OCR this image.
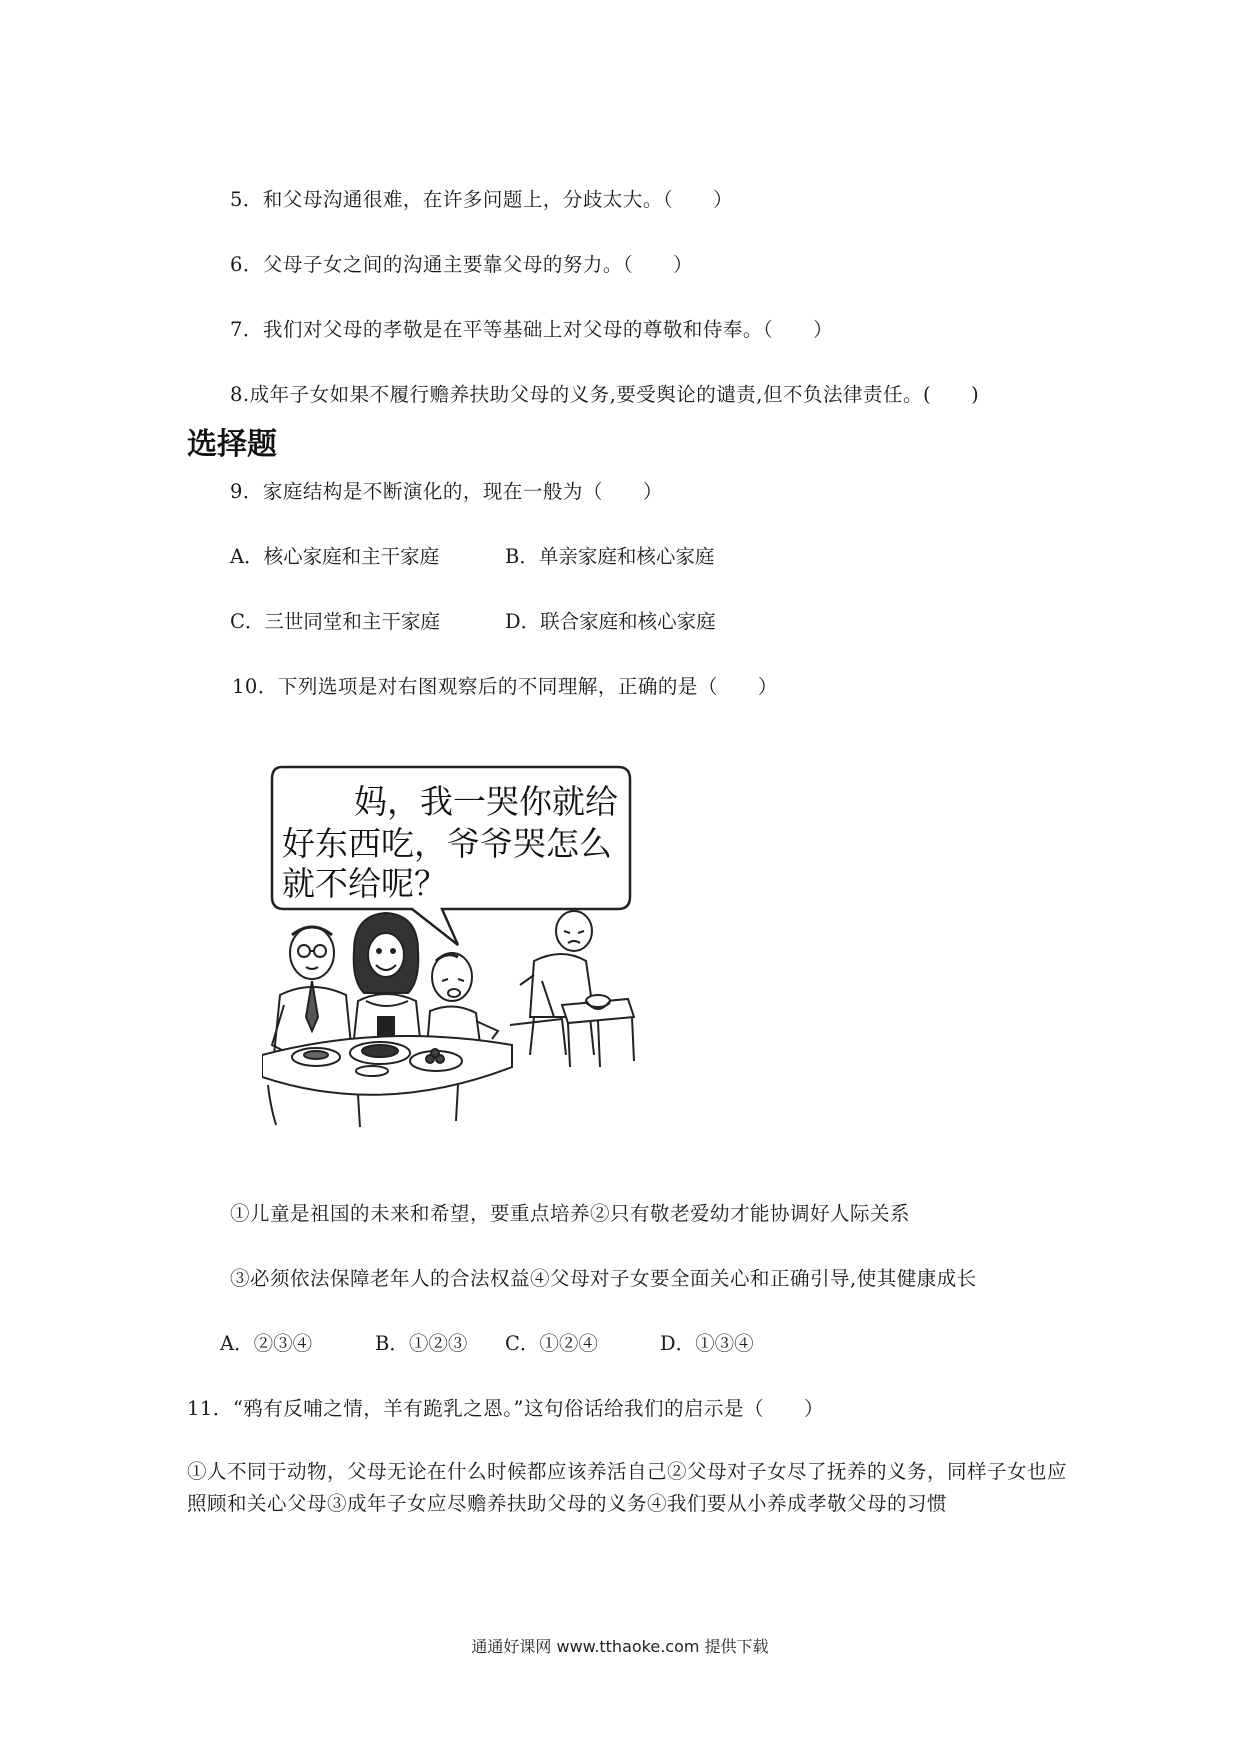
5．和父母沟通很难，在许多问题上，分歧太大。（　　）
6．父母子女之间的沟通主要靠父母的努力。（　　）
7．我们对父母的孝敬是在平等基础上对父母的尊敬和侍奉。（　　）
8.成年子女如果不履行赡养扶助父母的义务,要受舆论的谴责,但不负法律责任。(　　)
选择题
9．家庭结构是不断演化的，现在一般为（　　）
A．核心家庭和主干家庭	B．单亲家庭和核心家庭
C．三世同堂和主干家庭	D．联合家庭和核心家庭
10．下列选项是对右图观察后的不同理解，正确的是（　　）
妈，我一哭你就给
好东西吃，爷爷哭怎么
就不给呢？
①儿童是祖国的未来和希望，要重点培养②只有敬老爱幼才能协调好人际关系
③必须依法保障老年人的合法权益④父母对子女要全面关心和正确引导,使其健康成长
A．②③④	B．①②③ C．①②④	D．①③④
11．“鸦有反哺之情，羊有跪乳之恩。”这句俗话给我们的启示是（　　）
①人不同于动物，父母无论在什么时候都应该养活自己②父母对子女尽了抚养的义务，同样子女也应照顾和关心父母③成年子女应尽赡养扶助父母的义务④我们要从小养成孝敬父母的习惯
通通好课网 www.tthaoke.com 提供下载
